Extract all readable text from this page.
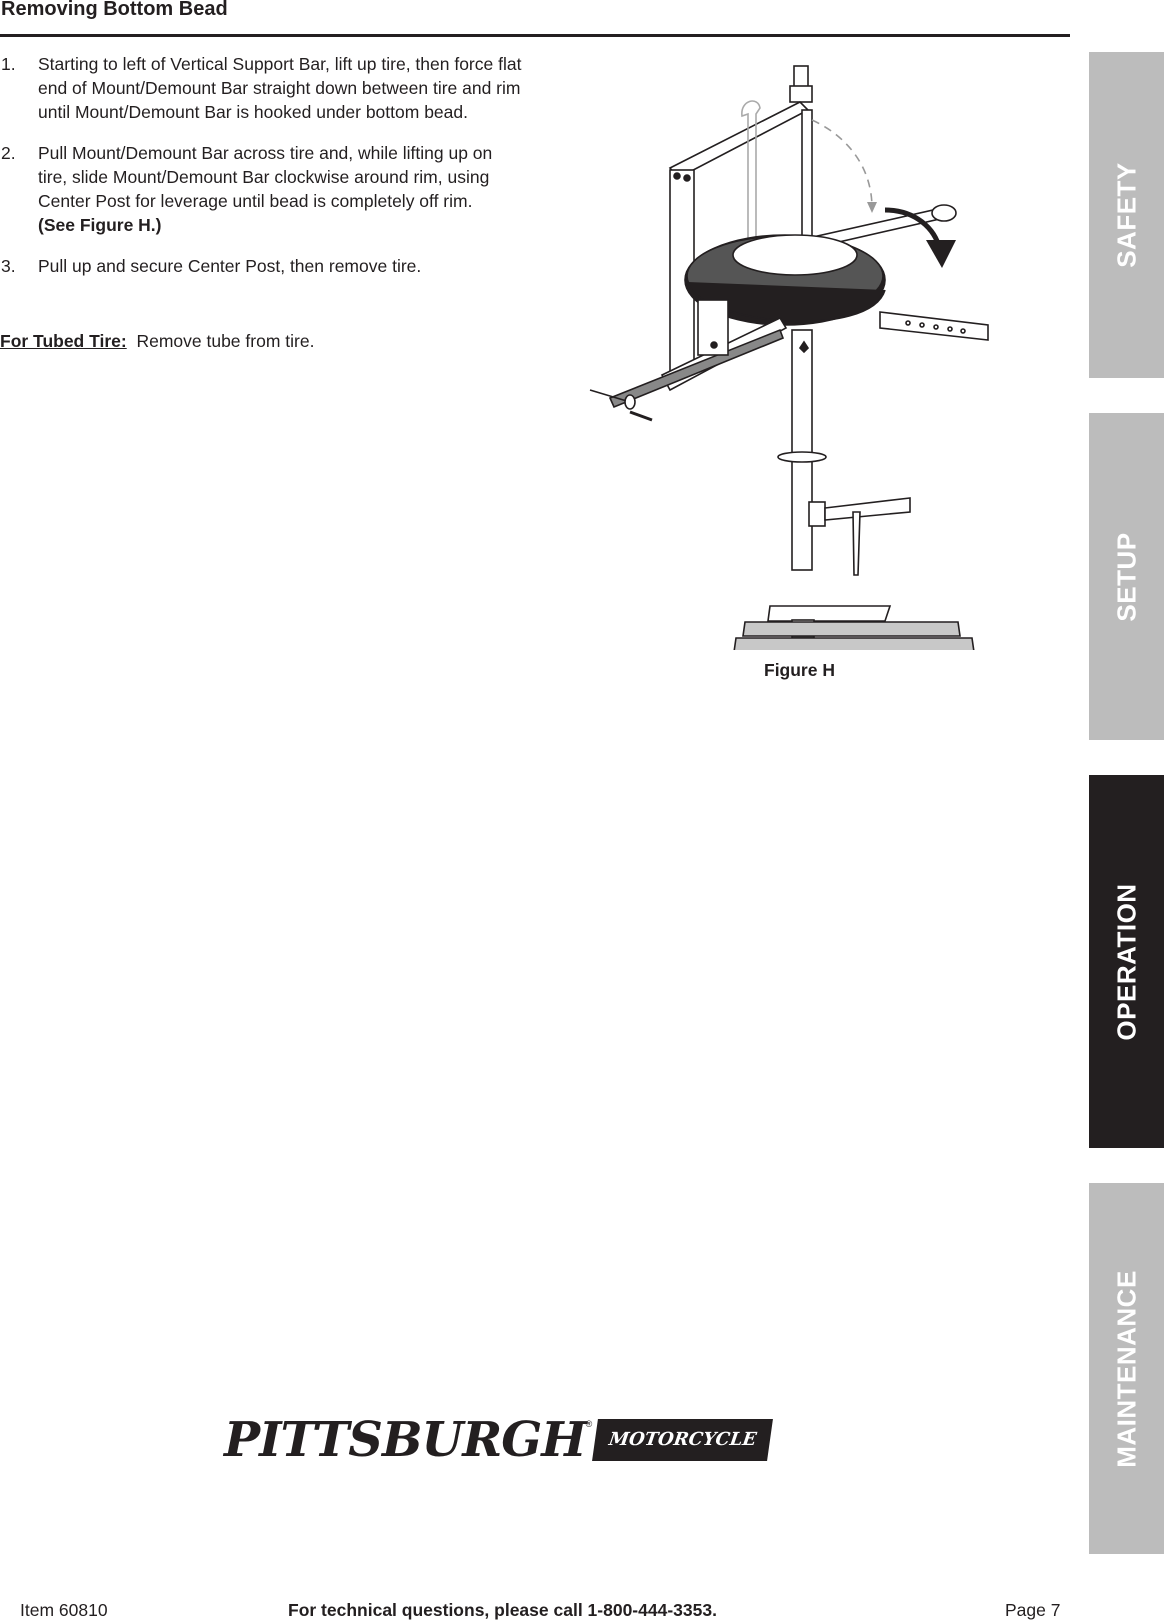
Removing Bottom Bead
1. Starting to left of Vertical Support Bar, lift up tire, then force flat end of Mount/Demount Bar straight down between tire and rim until Mount/Demount Bar is hooked under bottom bead.
2. Pull Mount/Demount Bar across tire and, while lifting up on tire, slide Mount/Demount Bar clockwise around rim, using Center Post for leverage until bead is completely off rim.  (See Figure H.)
3. Pull up and secure Center Post, then remove tire.
For Tubed Tire: Remove tube from tire.
Figure H
SAFETY
SETUP
OPERATION
MAINTENANCE
PITTSBURGH ®
MOTORCYCLE
Item 60810	For technical questions, please call 1-800-444-3353.	Page 7
